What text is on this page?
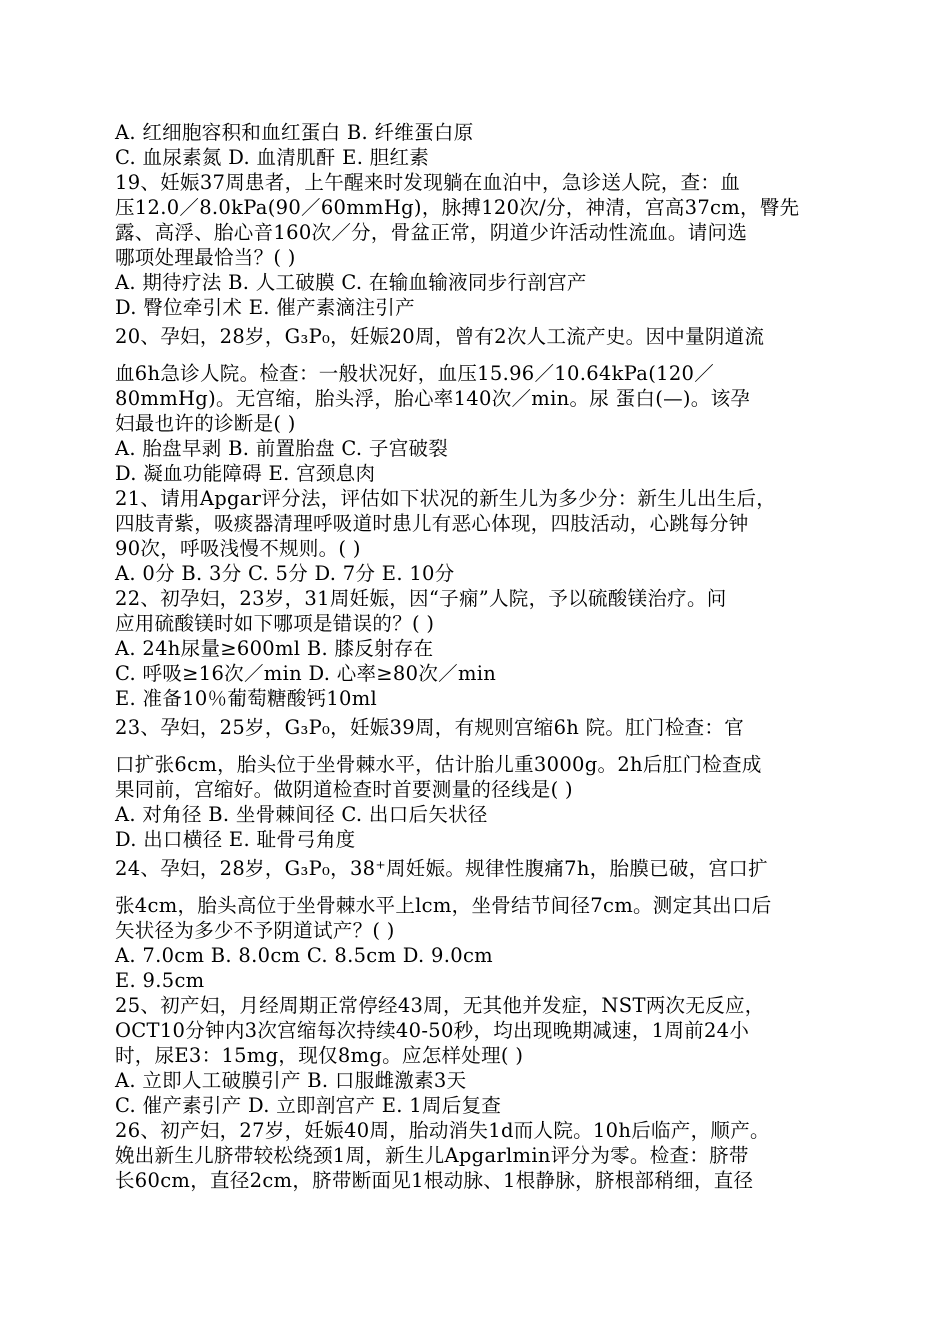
A. 红细胞容积和血红蛋白 B. 纤维蛋白原
C. 血尿素氮 D. 血清肌酐 E. 胆红素
19、妊娠37周患者，上午醒来时发现躺在血泊中，急诊送人院，查：血
压12.0／8.0kPa(90／60mmHg)，脉搏120次/分，神清，宫高37cm，臀先
露、高浮、胎心音160次／分，骨盆正常，阴道少许活动性流血。请问选
哪项处理最恰当？( )
A. 期待疗法 B. 人工破膜 C. 在输血输液同步行剖宫产
D. 臀位牵引术 E. 催产素滴注引产
20、孕妇，28岁，G₃P₀，妊娠20周，曾有2次人工流产史。因中量阴道流
血6h急诊人院。检查：一般状况好，血压15.96／10.64kPa(120／
80mmHg)。无宫缩，胎头浮，胎心率140次／min。尿 蛋白(—)。该孕
妇最也许的诊断是( )
A. 胎盘早剥 B. 前置胎盘 C. 子宫破裂
D. 凝血功能障碍 E. 宫颈息肉
21、请用Apgar评分法，评估如下状况的新生儿为多少分：新生儿出生后，
四肢青紫，吸痰器清理呼吸道时患儿有恶心体现，四肢活动，心跳每分钟
90次，呼吸浅慢不规则。( )
A. 0分 B. 3分 C. 5分 D. 7分 E. 10分
22、初孕妇，23岁，31周妊娠，因“子痫”人院，予以硫酸镁治疗。问
应用硫酸镁时如下哪项是错误的？( )
A. 24h尿量≥600ml B. 膝反射存在
C. 呼吸≥16次／min D. 心率≥80次／min
E. 准备10％葡萄糖酸钙10ml
23、孕妇，25岁，G₃P₀，妊娠39周，有规则宫缩6h 院。肛门检查：官
口扩张6cm，胎头位于坐骨棘水平，估计胎儿重3000g。2h后肛门检查成
果同前，宫缩好。做阴道检查时首要测量的径线是( )
A. 对角径 B. 坐骨棘间径 C. 出口后矢状径
D. 出口横径 E. 耻骨弓角度
24、孕妇，28岁，G₃P₀，38⁺周妊娠。规律性腹痛7h，胎膜已破，宫口扩
张4cm，胎头高位于坐骨棘水平上lcm，坐骨结节间径7cm。测定其出口后
矢状径为多少不予阴道试产？( )
A. 7.0cm B. 8.0cm C. 8.5cm D. 9.0cm
E. 9.5cm
25、初产妇，月经周期正常停经43周，无其他并发症，NST两次无反应，
OCT10分钟内3次宫缩每次持续40-50秒，均出现晚期减速，1周前24小
时，尿E3：15mg，现仅8mg。应怎样处理( )
A. 立即人工破膜引产 B. 口服雌激素3天
C. 催产素引产 D. 立即剖宫产 E. 1周后复查
26、初产妇，27岁，妊娠40周，胎动消失1d而人院。10h后临产，顺产。
娩出新生儿脐带较松绕颈1周，新生儿Apgarlmin评分为零。检查：脐带
长60cm，直径2cm，脐带断面见1根动脉、1根静脉，脐根部稍细，直径
